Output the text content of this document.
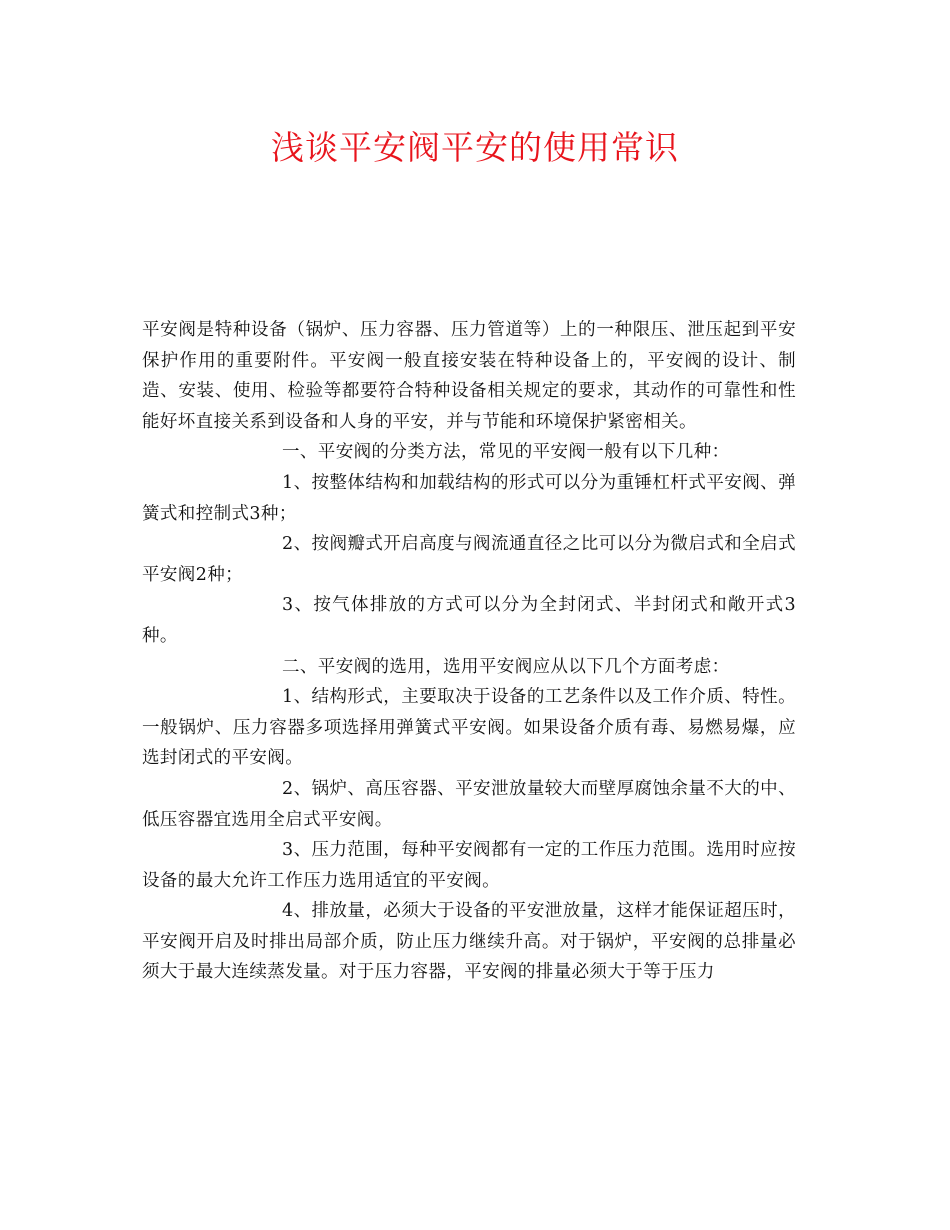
浅谈平安阀平安的使用常识

平安阀是特种设备（锅炉、压力容器、压力管道等）上的一种限压、泄压起到平安保护作用的重要附件。平安阀一般直接安装在特种设备上的，平安阀的设计、制造、安装、使用、检验等都要符合特种设备相关规定的要求，其动作的可靠性和性能好坏直接关系到设备和人身的平安，并与节能和环境保护紧密相关。

一、平安阀的分类方法，常见的平安阀一般有以下几种：

1、按整体结构和加载结构的形式可以分为重锤杠杆式平安阀、弹簧式和控制式3种；

2、按阀瓣式开启高度与阀流通直径之比可以分为微启式和全启式平安阀2种；

3、按气体排放的方式可以分为全封闭式、半封闭式和敞开式3种。

二、平安阀的选用，选用平安阀应从以下几个方面考虑：

1、结构形式，主要取决于设备的工艺条件以及工作介质、特性。一般锅炉、压力容器多项选择用弹簧式平安阀。如果设备介质有毒、易燃易爆，应选封闭式的平安阀。

2、锅炉、高压容器、平安泄放量较大而壁厚腐蚀余量不大的中、低压容器宜选用全启式平安阀。

3、压力范围，每种平安阀都有一定的工作压力范围。选用时应按设备的最大允许工作压力选用适宜的平安阀。

4、排放量，必须大于设备的平安泄放量，这样才能保证超压时，平安阀开启及时排出局部介质，防止压力继续升高。对于锅炉，平安阀的总排量必须大于最大连续蒸发量。对于压力容器，平安阀的排量必须大于等于压力
